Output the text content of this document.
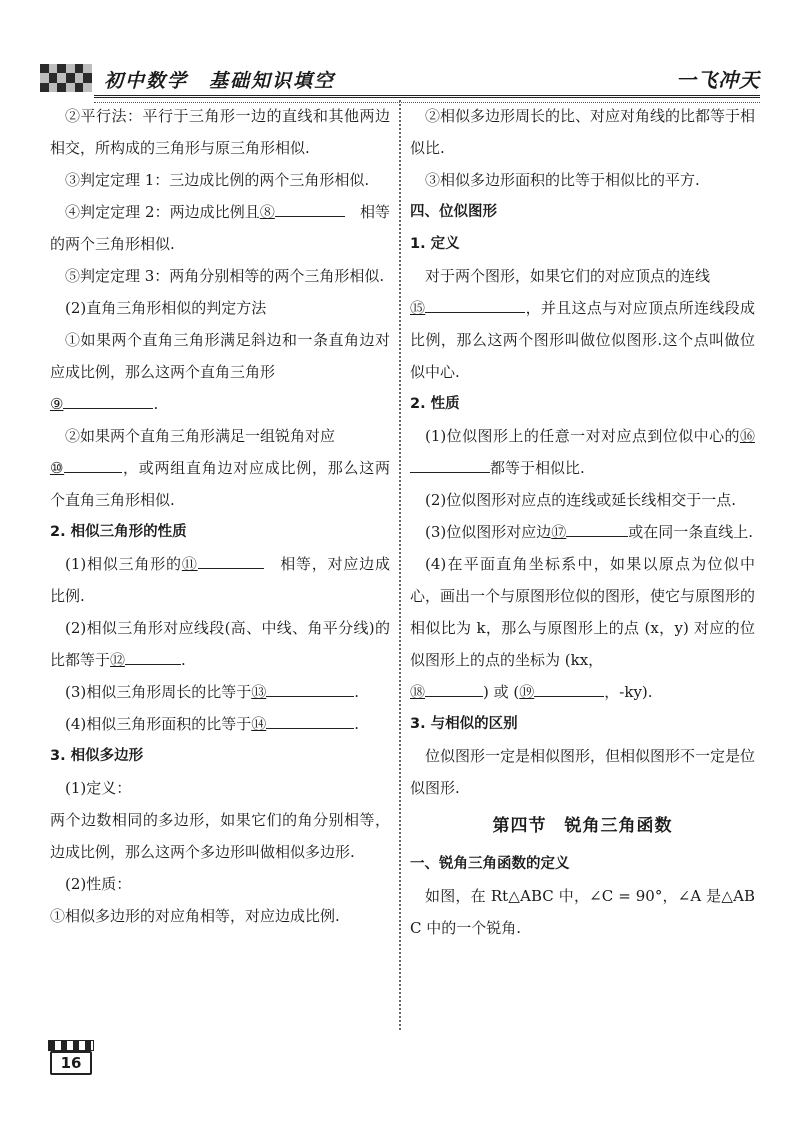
初中数学　基础知识填空	一飞冲天

②平行法：平行于三角形一边的直线和其他两边相交，所构成的三角形与原三角形相似.

③判定定理 1：三边成比例的两个三角形相似.

④判定定理 2：两边成比例且⑧　	相等的两个三角形相似.

⑤判定定理 3：两角分别相等的两个三角形相似.

(2)直角三角形相似的判定方法

①如果两个直角三角形满足斜边和一条直角边对应成比例，那么这两个直角三角形

⑨	.

②如果两个直角三角形满足一组锐角对应
⑩	，或两组直角边对应成比例，那么这两个直角三角形相似.

2. 相似三角形的性质

(1)相似三角形的⑪　	相等，对应边成比例.

(2)相似三角形对应线段(高、中线、角平分线)的比都等于⑫	.

(3)相似三角形周长的比等于⑬	.

(4)相似三角形面积的比等于⑭	.

3. 相似多边形

(1)定义：

两个边数相同的多边形，如果它们的角分别相等，边成比例，那么这两个多边形叫做相似多边形.

(2)性质：

①相似多边形的对应角相等，对应边成比例.

②相似多边形周长的比、对应对角线的比都等于相似比.

③相似多边形面积的比等于相似比的平方.

四、位似图形

1. 定义

对于两个图形，如果它们的对应顶点的连线
⑮	，并且这点与对应顶点所连线段成比例，那么这两个图形叫做位似图形.这个点叫做位似中心.

2. 性质

(1)位似图形上的任意一对对应点到位似中心的⑯都等于相似比.

(2)位似图形对应点的连线或延长线相交于一点.

(3)位似图形对应边⑰	或在同一条直线上.

(4)在平面直角坐标系中，如果以原点为位似中心，画出一个与原图形位似的图形，使它与原图形的相似比为 k，那么与原图形上的点 (x，y) 对应的位似图形上的点的坐标为 (kx，
⑱	) 或 (⑲	，-ky).

3. 与相似的区别

位似图形一定是相似图形，但相似图形不一定是位似图形.

第四节　锐角三角函数

一、锐角三角函数的定义

如图，在 Rt△ABC 中，∠C = 90°，∠A 是△ABC 中的一个锐角.

16
